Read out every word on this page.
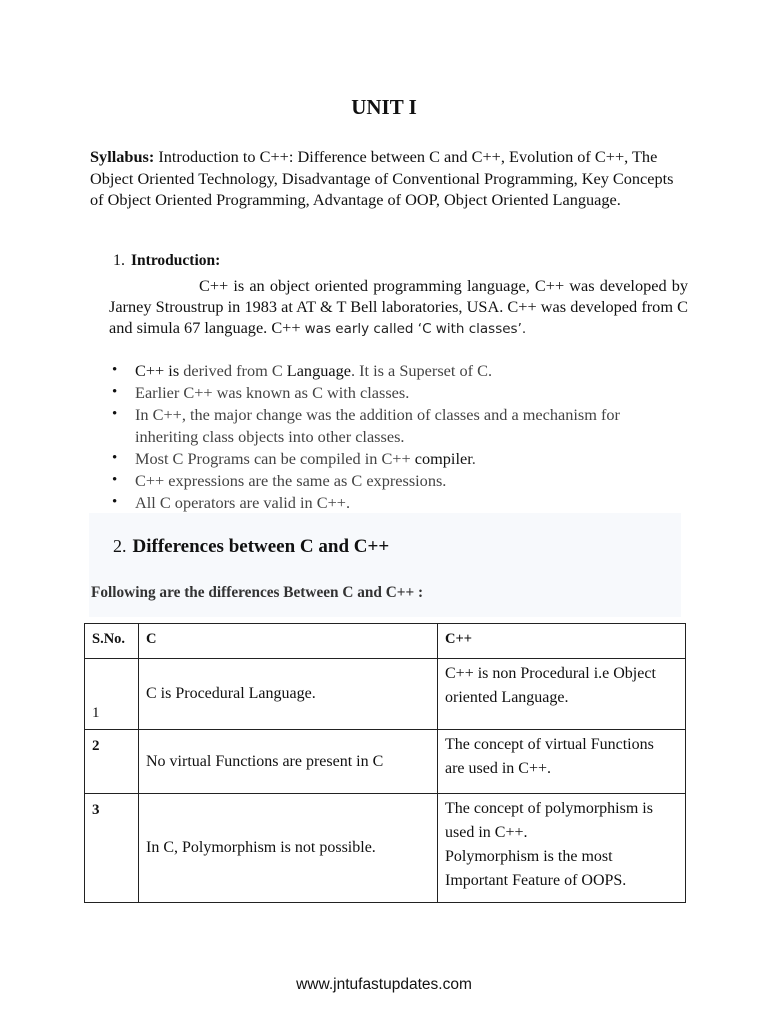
UNIT I
Syllabus: Introduction to C++: Difference between C and C++, Evolution of C++, The Object Oriented Technology, Disadvantage of Conventional Programming, Key Concepts of Object Oriented Programming, Advantage of OOP, Object Oriented Language.
1. Introduction:
C++ is an object oriented programming language, C++ was developed by Jarney Stroustrup in 1983 at AT & T Bell laboratories, USA. C++ was developed from C and simula 67 language. C++ was early called ‘C with classes’.
• C++ is derived from C Language. It is a Superset of C.
• Earlier C++ was known as C with classes.
• In C++, the major change was the addition of classes and a mechanism for inheriting class objects into other classes.
• Most C Programs can be compiled in C++ compiler.
• C++ expressions are the same as C expressions.
• All C operators are valid in C++.
2. Differences between C and C++
Following are the differences Between C and C++ :
S.No.	C	C++

1	C is Procedural Language.	C++ is non Procedural i.e Object oriented Language.

2	No virtual Functions are present in C	The concept of virtual Functions are used in C++.

3	In C, Polymorphism is not possible.	The concept of polymorphism is used in C++.
Polymorphism is the most Important Feature of OOPS.
www.jntufastupdates.com
